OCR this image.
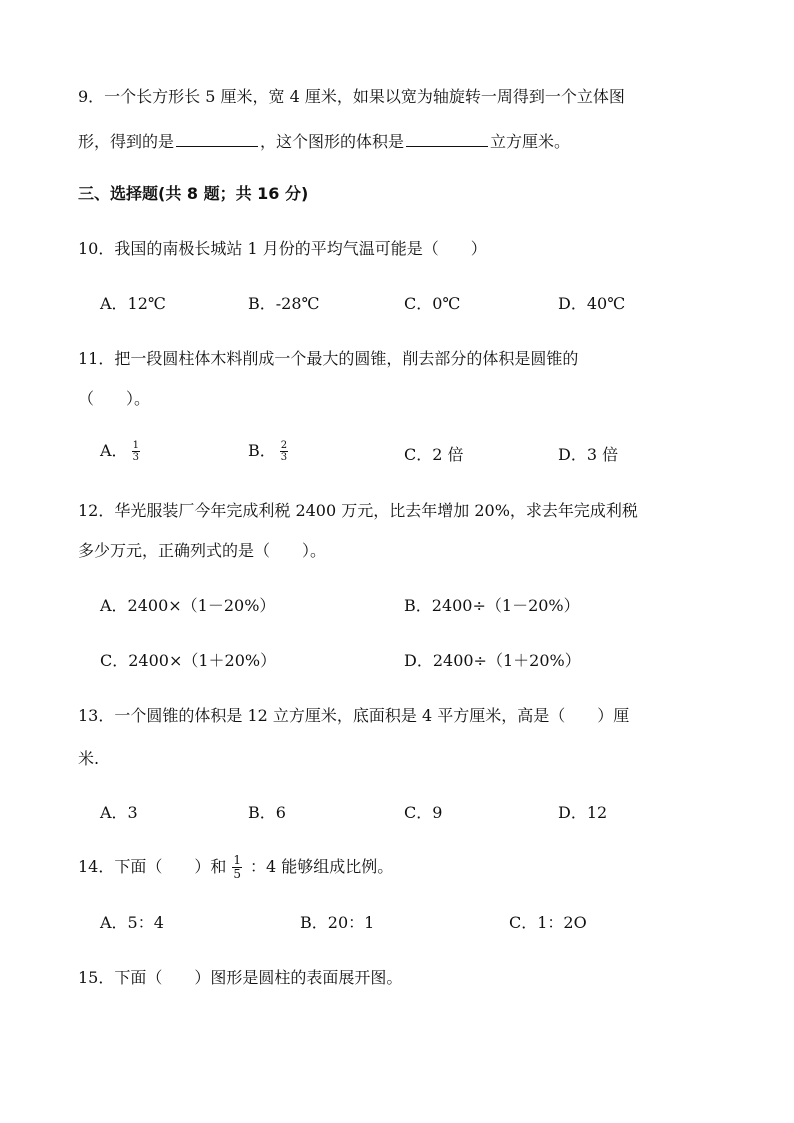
9．一个长方形长 5 厘米，宽 4 厘米，如果以宽为轴旋转一周得到一个立体图
形，得到的是	，这个图形的体积是	立方厘米。
三、选择题(共 8 题；共 16 分)
10．我国的南极长城站 1 月份的平均气温可能是（　　）
A．12℃	B．-28℃	C．0℃	D．40℃
11．把一段圆柱体木料削成一个最大的圆锥，削去部分的体积是圆锥的
（　　）。
A． $\frac{1}{3}$	B． $\frac{2}{3}$	C．2 倍	D．3 倍
12．华光服装厂今年完成利税 2400 万元，比去年增加 20%，求去年完成利税
多少万元，正确列式的是（　　）。
A．2400×（1－20%）	B．2400÷（1－20%）
C．2400×（1＋20%）	D．2400÷（1＋20%）
13．一个圆锥的体积是 12 立方厘米，底面积是 4 平方厘米，高是（　　）厘
米.
A．3	B．6	C．9	D．12
14．下面（　　）和 $\frac{1}{5}$ ：4 能够组成比例。
A．5：4	B．20：1	C．1：2O
15．下面（　　）图形是圆柱的表面展开图。
